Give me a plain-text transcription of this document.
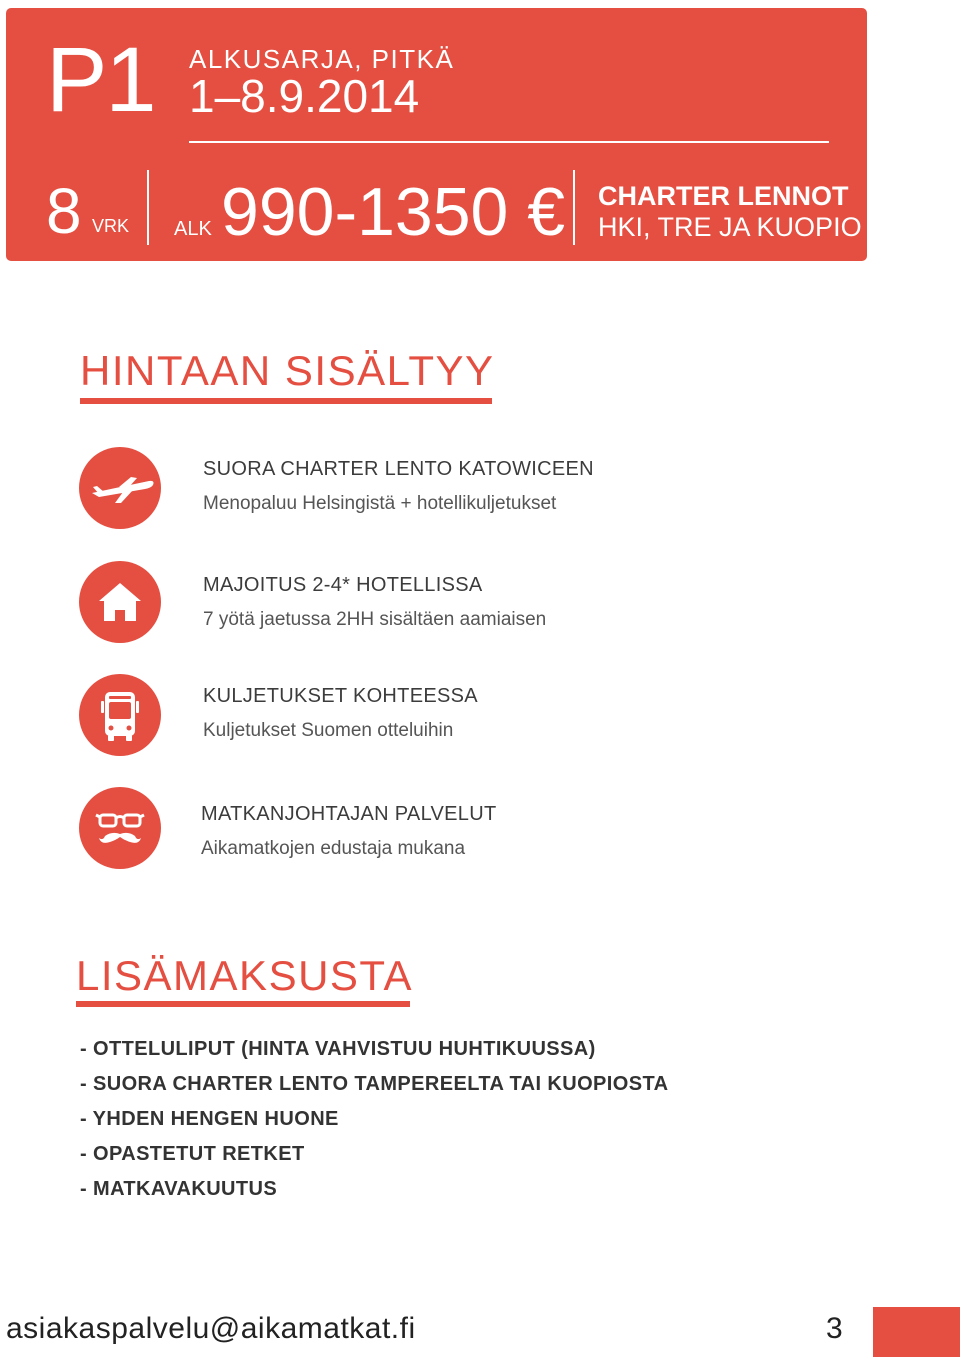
P1 ALKUSARJA, PITKÄ
1–8.9.2014
8 VRK ALK 990-1350 € CHARTER LENNOT
HKI, TRE JA KUOPIO
HINTAAN SISÄLTYY
SUORA CHARTER LENTO KATOWICEEN
Menopaluu Helsingistä + hotellikuljetukset
MAJOITUS 2-4* HOTELLISSA
7 yötä jaetussa 2HH sisältäen aamiaisen
KULJETUKSET KOHTEESSA
Kuljetukset Suomen otteluihin
MATKANJOHTAJAN PALVELUT
Aikamatkojen edustaja mukana
LISÄMAKSUSTA
- OTTELULIPUT (HINTA VAHVISTUU HUHTIKUUSSA)
- SUORA CHARTER LENTO TAMPEREELTA TAI KUOPIOSTA
- YHDEN HENGEN HUONE
- OPASTETUT RETKET
- MATKAVAKUUTUS
asiakaspalvelu@aikamatkat.fi	3
